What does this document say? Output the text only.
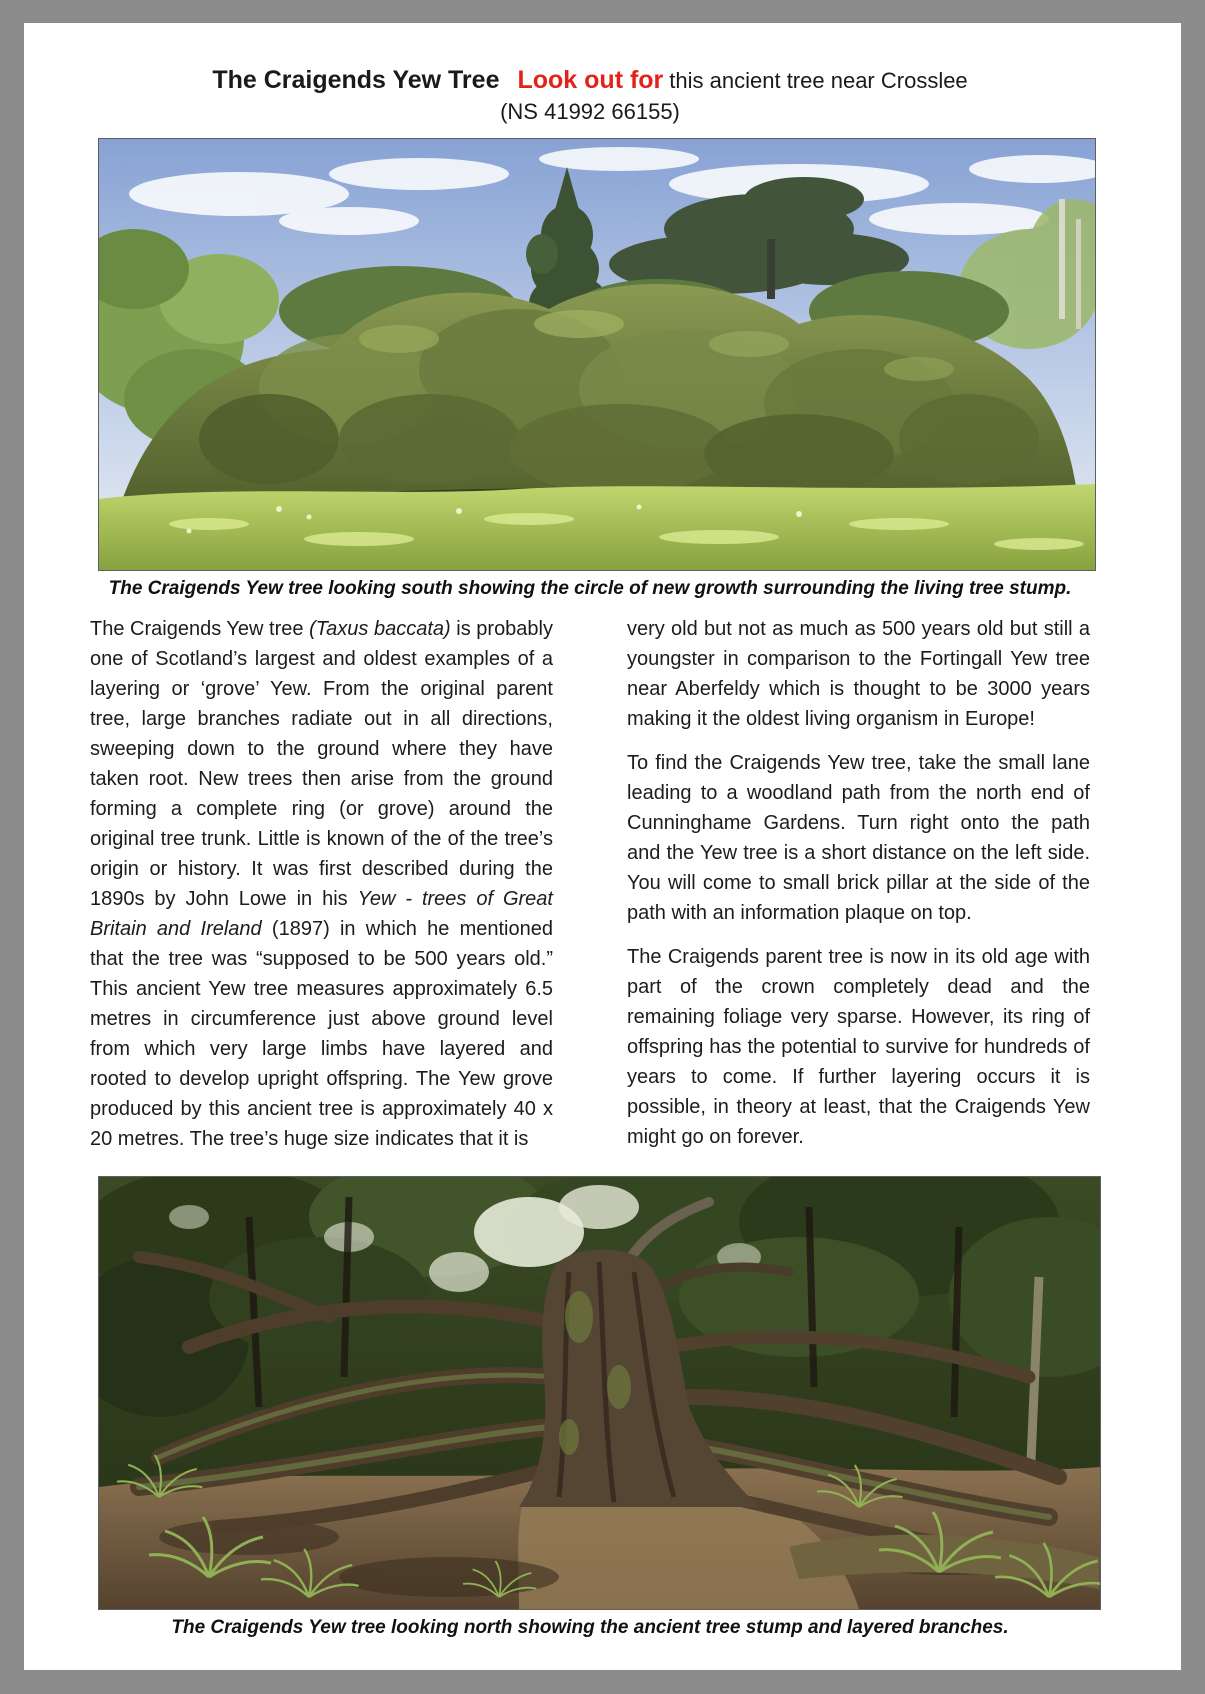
The Craigends Yew Tree Look out for this ancient tree near Crosslee
(NS 41992 66155)
The Craigends Yew tree looking south showing the circle of new growth surrounding the living tree stump.

The Craigends Yew tree (Taxus baccata) is probably one of Scotland’s largest and oldest examples of a layering or ‘grove’ Yew. From the original parent tree, large branches radiate out in all directions, sweeping down to the ground where they have taken root. New trees then arise from the ground forming a complete ring (or grove) around the original tree trunk. Little is known of the of the tree’s origin or history. It was first described during the 1890s by John Lowe in his Yew - trees of Great Britain and Ireland (1897) in which he mentioned that the tree was “supposed to be 500 years old.” This ancient Yew tree measures approximately 6.5 metres in circumference just above ground level from which very large limbs have layered and rooted to develop upright offspring. The Yew grove produced by this ancient tree is approximately 40 x 20 metres. The tree’s huge size indicates that it is

very old but not as much as 500 years old but still a youngster in comparison to the Fortingall Yew tree near Aberfeldy which is thought to be 3000 years making it the oldest living organism in Europe!

To find the Craigends Yew tree, take the small lane leading to a woodland path from the north end of Cunninghame Gardens. Turn right onto the path and the Yew tree is a short distance on the left side. You will come to small brick pillar at the side of the path with an information plaque on top.

The Craigends parent tree is now in its old age with part of the crown completely dead and the remaining foliage very sparse. However, its ring of offspring has the potential to survive for hundreds of years to come. If further layering occurs it is possible, in theory at least, that the Craigends Yew might go on forever.

The Craigends Yew tree looking north showing the ancient tree stump and layered branches.
